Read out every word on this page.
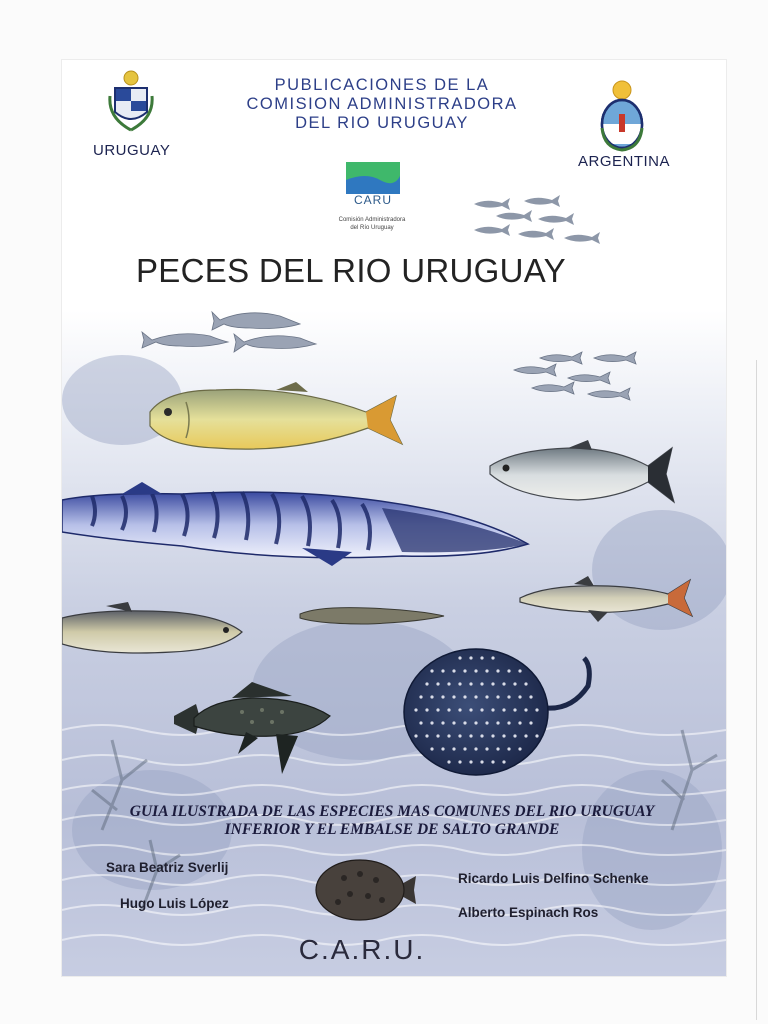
URUGUAY
PUBLICACIONES DE LA
COMISION ADMINISTRADORA
DEL RIO URUGUAY
ARGENTINA
CARU
Comisión Administradora
del Río Uruguay
PECES DEL RIO URUGUAY
GUIA ILUSTRADA DE LAS ESPECIES MAS COMUNES DEL RIO URUGUAY
INFERIOR Y EL EMBALSE DE SALTO GRANDE
Sara Beatriz Sverlij
Hugo Luis López
Ricardo Luis Delfino Schenke
Alberto Espinach Ros
C.A.R.U.
